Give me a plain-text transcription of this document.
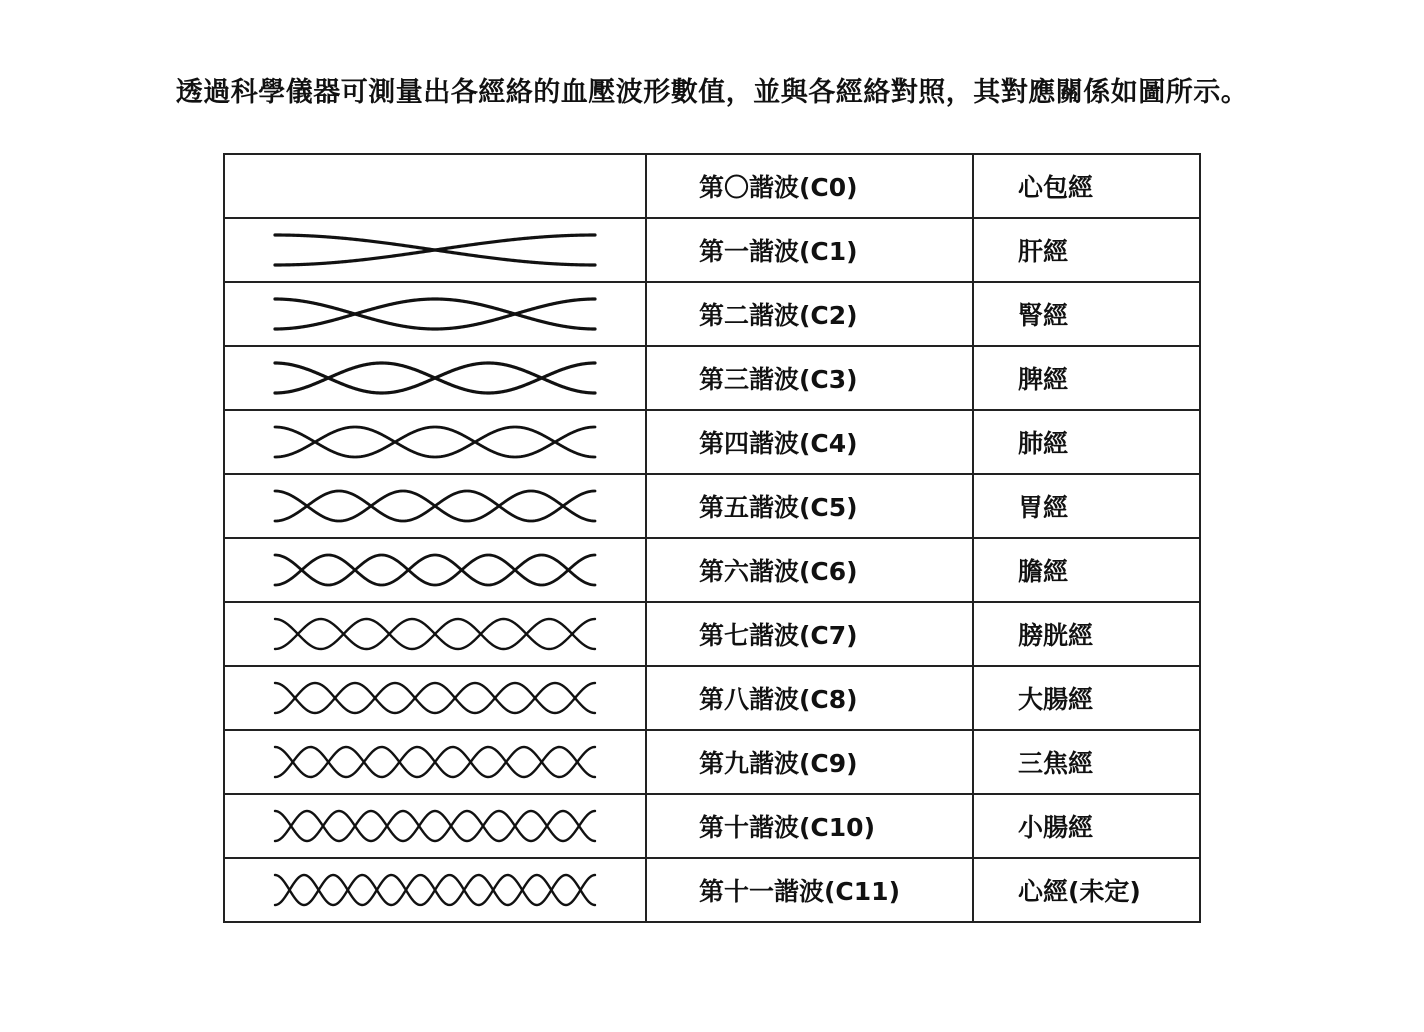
透過科學儀器可測量出各經絡的血壓波形數值，並與各經絡對照，其對應關係如圖所示。
	第〇諧波(C0)	心包經

	第一諧波(C1)	肝經

	第二諧波(C2)	腎經

	第三諧波(C3)	脾經

	第四諧波(C4)	肺經

	第五諧波(C5)	胃經

	第六諧波(C6)	膽經

	第七諧波(C7)	膀胱經

	第八諧波(C8)	大腸經

	第九諧波(C9)	三焦經

	第十諧波(C10)	小腸經

	第十一諧波(C11)	心經(未定)
